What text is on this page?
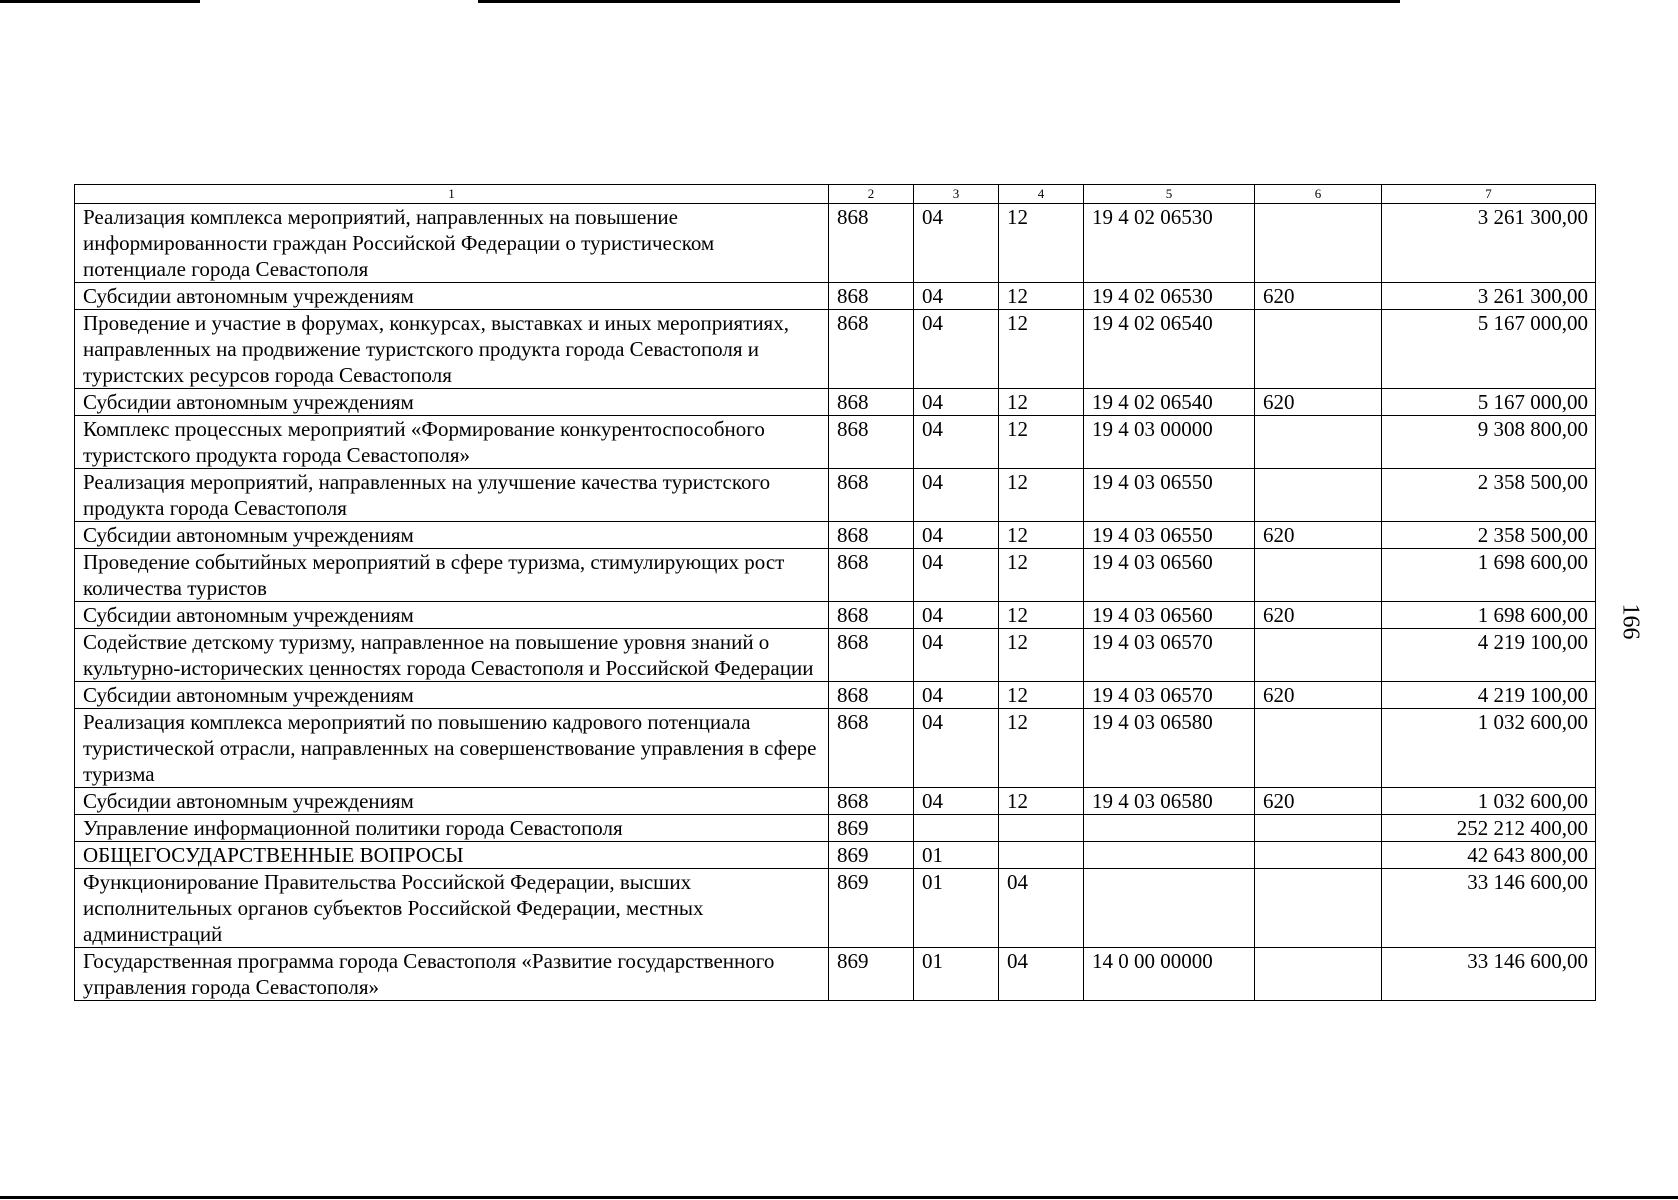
166
1	2	3	4	5	6	7
Реализация комплекса мероприятий, направленных на повышение информированности граждан Российской Федерации о туристическом потенциале города Севастополя	868	04	12	19 4 02 06530		3 261 300,00
Субсидии автономным учреждениям	868	04	12	19 4 02 06530	620	3 261 300,00
Проведение и участие в форумах, конкурсах, выставках и иных мероприятиях, направленных на продвижение туристского продукта города Севастополя и туристских ресурсов города Севастополя	868	04	12	19 4 02 06540		5 167 000,00
Субсидии автономным учреждениям	868	04	12	19 4 02 06540	620	5 167 000,00
Комплекс процессных мероприятий «Формирование конкурентоспособного туристского продукта города Севастополя»	868	04	12	19 4 03 00000		9 308 800,00
Реализация мероприятий, направленных на улучшение качества туристского продукта города Севастополя	868	04	12	19 4 03 06550		2 358 500,00
Субсидии автономным учреждениям	868	04	12	19 4 03 06550	620	2 358 500,00
Проведение событийных мероприятий в сфере туризма, стимулирующих рост количества туристов	868	04	12	19 4 03 06560		1 698 600,00
Субсидии автономным учреждениям	868	04	12	19 4 03 06560	620	1 698 600,00
Содействие детскому туризму, направленное на повышение уровня знаний о культурно-исторических ценностях города Севастополя и Российской Федерации	868	04	12	19 4 03 06570		4 219 100,00
Субсидии автономным учреждениям	868	04	12	19 4 03 06570	620	4 219 100,00
Реализация комплекса мероприятий по повышению кадрового потенциала туристической отрасли, направленных на совершенствование управления в сфере туризма	868	04	12	19 4 03 06580		1 032 600,00
Субсидии автономным учреждениям	868	04	12	19 4 03 06580	620	1 032 600,00
Управление информационной политики города Севастополя	869					252 212 400,00
ОБЩЕГОСУДАРСТВЕННЫЕ ВОПРОСЫ	869	01				42 643 800,00
Функционирование Правительства Российской Федерации, высших исполнительных органов субъектов Российской Федерации, местных администраций	869	01	04			33 146 600,00
Государственная программа города Севастополя «Развитие государственного управления города Севастополя»	869	01	04	14 0 00 00000		33 146 600,00
